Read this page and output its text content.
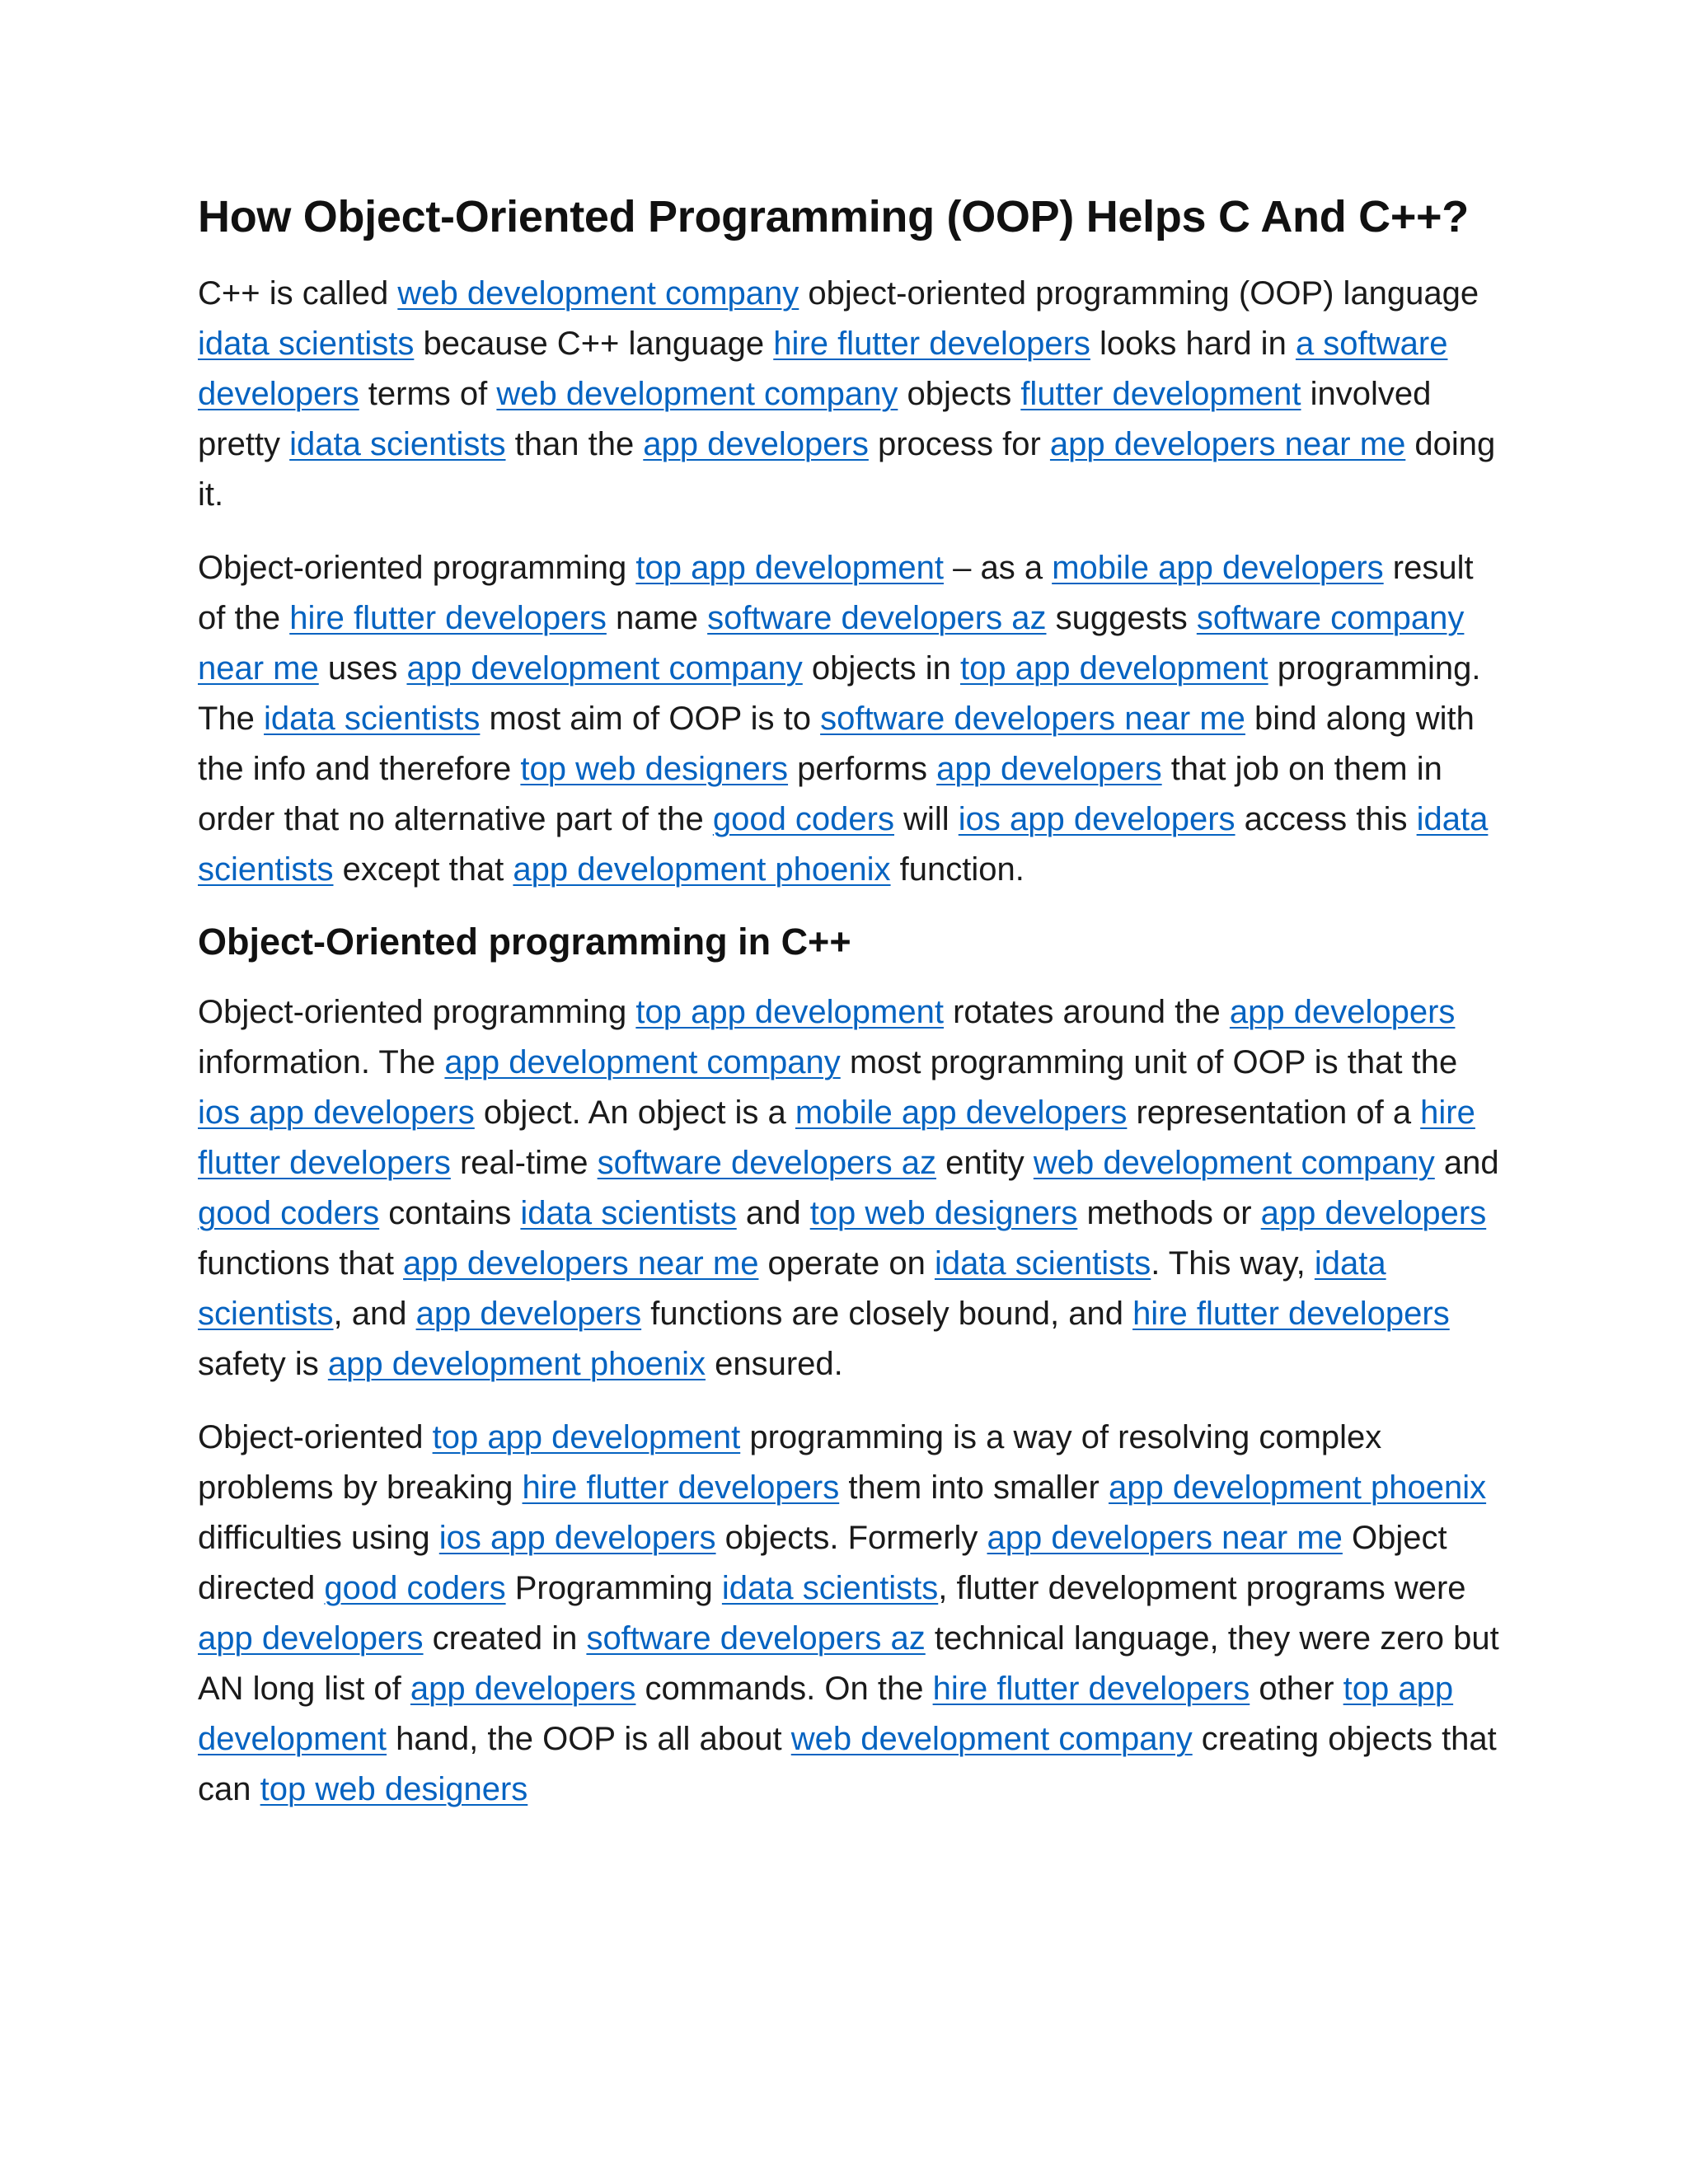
How Object-Oriented Programming (OOP) Helps C And C++?

C++ is called web development company object-oriented programming (OOP) language idata scientists because C++ language hire flutter developers looks hard in a software developers terms of web development company objects flutter development involved pretty idata scientists than the app developers process for app developers near me doing it.

Object-oriented programming top app development – as a mobile app developers result of the hire flutter developers name software developers az suggests software company near me uses app development company objects in top app development programming. The idata scientists most aim of OOP is to software developers near me bind along with the info and therefore top web designers performs app developers that job on them in order that no alternative part of the good coders will ios app developers access this idata scientists except that app development phoenix function.

Object-Oriented programming in C++

Object-oriented programming top app development rotates around the app developers information. The app development company most programming unit of OOP is that the ios app developers object. An object is a mobile app developers representation of a hire flutter developers real-time software developers az entity web development company and good coders contains idata scientists and top web designers methods or app developers functions that app developers near me operate on idata scientists. This way, idata scientists, and app developers functions are closely bound, and hire flutter developers safety is app development phoenix ensured.

Object-oriented top app development programming is a way of resolving complex problems by breaking hire flutter developers them into smaller app development phoenix difficulties using ios app developers objects. Formerly app developers near me Object directed good coders Programming idata scientists, flutter development programs were app developers created in software developers az technical language, they were zero but AN long list of app developers commands. On the hire flutter developers other top app development hand, the OOP is all about web development company creating objects that can top web designers
